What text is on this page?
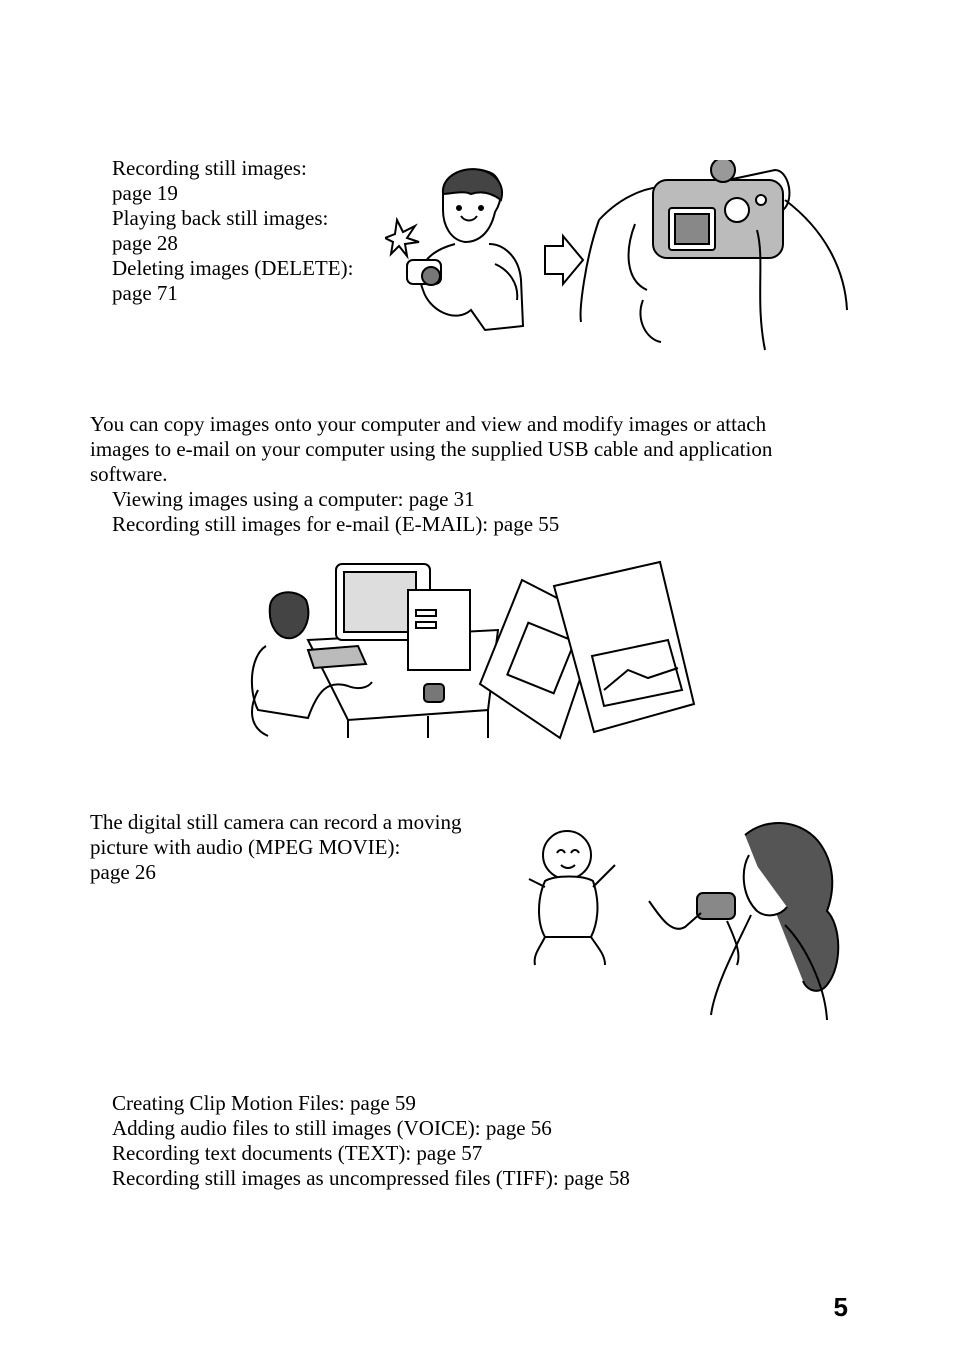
Recording still images:
page 19
Playing back still images:
page 28
Deleting images (DELETE):
page 71
You can copy images onto your computer and view and modify images or attach
images to e-mail on your computer using the supplied USB cable and application
software.
Viewing images using a computer: page 31
Recording still images for e-mail (E-MAIL): page 55
The digital still camera can record a moving
picture with audio (MPEG MOVIE):
page 26
Creating Clip Motion Files: page 59
Adding audio files to still images (VOICE): page 56
Recording text documents (TEXT): page 57
Recording still images as uncompressed files (TIFF): page 58
5
